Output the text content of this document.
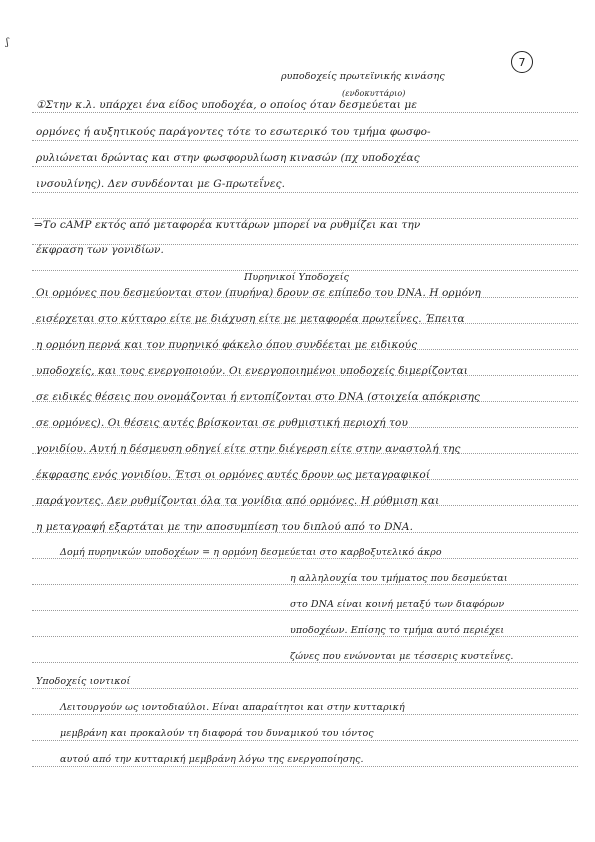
ʃ
7
ρυποδοχείς πρωτεϊνικής κινάσης
(ενδοκυττάριο)
①Στην κ.λ. υπάρχει ένα είδος υποδοχέα, ο οποίος όταν δεσμεύεται με
ορμόνες ή αυξητικούς παράγοντες τότε το εσωτερικό του τμήμα φωσφο-
ρυλιώνεται δρώντας και στην φωσφορυλίωση κινασών (πχ υποδοχέας
ινσουλίνης). Δεν συνδέονται με G-πρωτεΐνες.
⇒Το cAMP εκτός από μεταφορέα κυττάρων μπορεί να ρυθμίζει και την
έκφραση των γονιδίων.
Πυρηνικοί Υποδοχείς
Οι ορμόνες που δεσμεύονται στον (πυρήνα) δρουν σε επίπεδο του DNA. Η ορμόνη
εισέρχεται στο κύτταρο είτε με διάχυση είτε με μεταφορέα πρωτεΐνες. Έπειτα
η ορμόνη περνά και τον πυρηνικό φάκελο όπου συνδέεται με ειδικούς
υποδοχείς, και τους ενεργοποιούν. Οι ενεργοποιημένοι υποδοχείς διμερίζονται
σε ειδικές θέσεις που ονομάζονται ή εντοπίζονται στο DNA (στοιχεία απόκρισης
σε ορμόνες). Οι θέσεις αυτές βρίσκονται σε ρυθμιστική περιοχή του
γονιδίου. Αυτή η δέσμευση οδηγεί είτε στην διέγερση είτε στην αναστολή της
έκφρασης ενός γονιδίου. Έτσι οι ορμόνες αυτές δρουν ως μεταγραφικοί
παράγοντες. Δεν ρυθμίζονται όλα τα γονίδια από ορμόνες. Η ρύθμιση και
η μεταγραφή εξαρτάται με την αποσυμπίεση του διπλού από το DNA.
Δομή πυρηνικών υποδοχέων = η ορμόνη δεσμεύεται στο καρβοξυτελικό άκρο
η αλληλουχία του τμήματος που δεσμεύεται
στο DNA είναι κοινή μεταξύ των διαφόρων
υποδοχέων. Επίσης το τμήμα αυτό περιέχει
ζώνες που ενώνονται με τέσσερις κυστεΐνες.
Υποδοχείς ιοντικοί
Λειτουργούν ως ιοντοδιαύλοι. Είναι απαραίτητοι και στην κυτταρική
μεμβράνη και προκαλούν τη διαφορά του δυναμικού του ιόντος
αυτού από την κυτταρική μεμβράνη λόγω της ενεργοποίησης.
